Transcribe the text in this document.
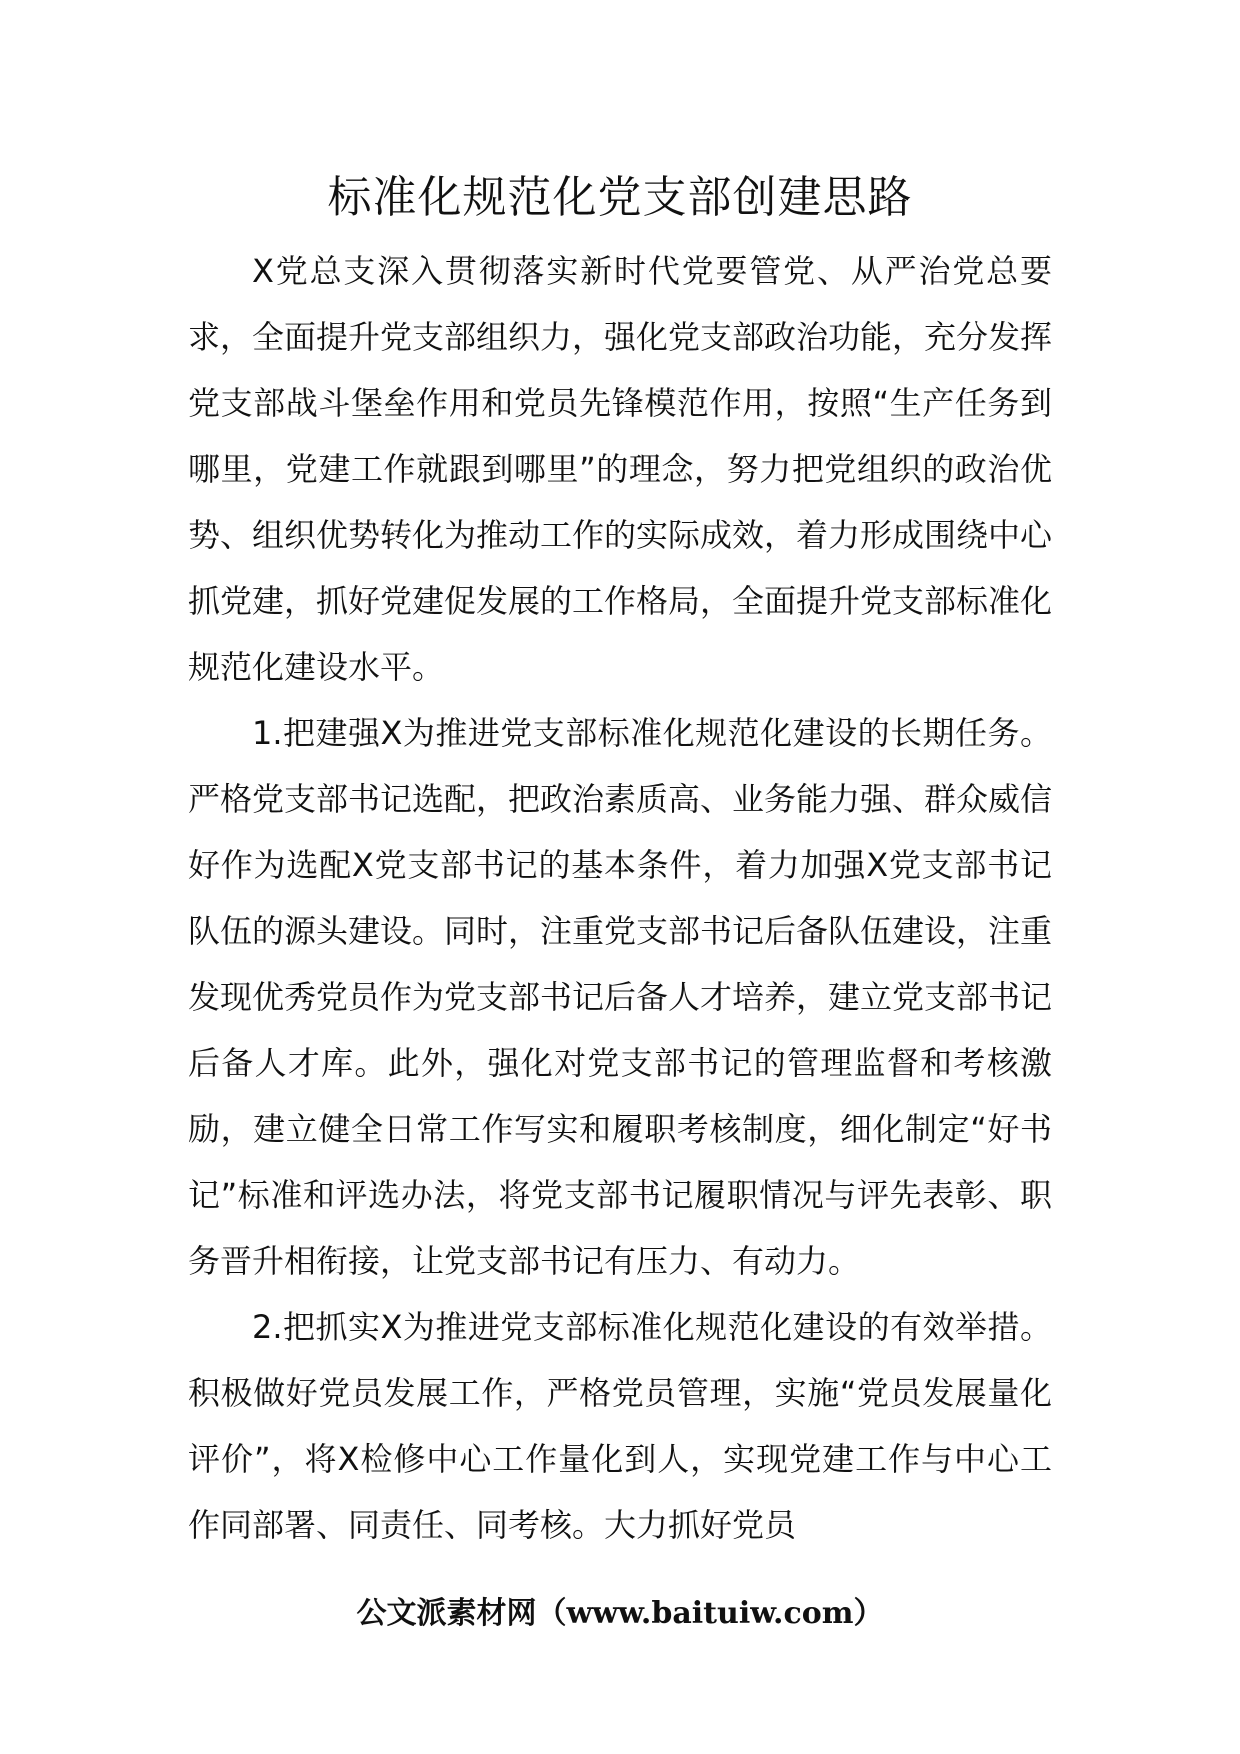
标准化规范化党支部创建思路

X党总支深入贯彻落实新时代党要管党、从严治党总要求，全面提升党支部组织力，强化党支部政治功能，充分发挥党支部战斗堡垒作用和党员先锋模范作用，按照“生产任务到哪里，党建工作就跟到哪里”的理念，努力把党组织的政治优势、组织优势转化为推动工作的实际成效，着力形成围绕中心抓党建，抓好党建促发展的工作格局，全面提升党支部标准化规范化建设水平。

1.把建强X为推进党支部标准化规范化建设的长期任务。严格党支部书记选配，把政治素质高、业务能力强、群众威信好作为选配X党支部书记的基本条件，着力加强X党支部书记队伍的源头建设。同时，注重党支部书记后备队伍建设，注重发现优秀党员作为党支部书记后备人才培养，建立党支部书记后备人才库。此外，强化对党支部书记的管理监督和考核激励，建立健全日常工作写实和履职考核制度，细化制定“好书记”标准和评选办法，将党支部书记履职情况与评先表彰、职务晋升相衔接，让党支部书记有压力、有动力。

2.把抓实X为推进党支部标准化规范化建设的有效举措。积极做好党员发展工作，严格党员管理，实施“党员发展量化评价”，将X检修中心工作量化到人，实现党建工作与中心工作同部署、同责任、同考核。大力抓好党员

公文派素材网（www.baituiw.com）
